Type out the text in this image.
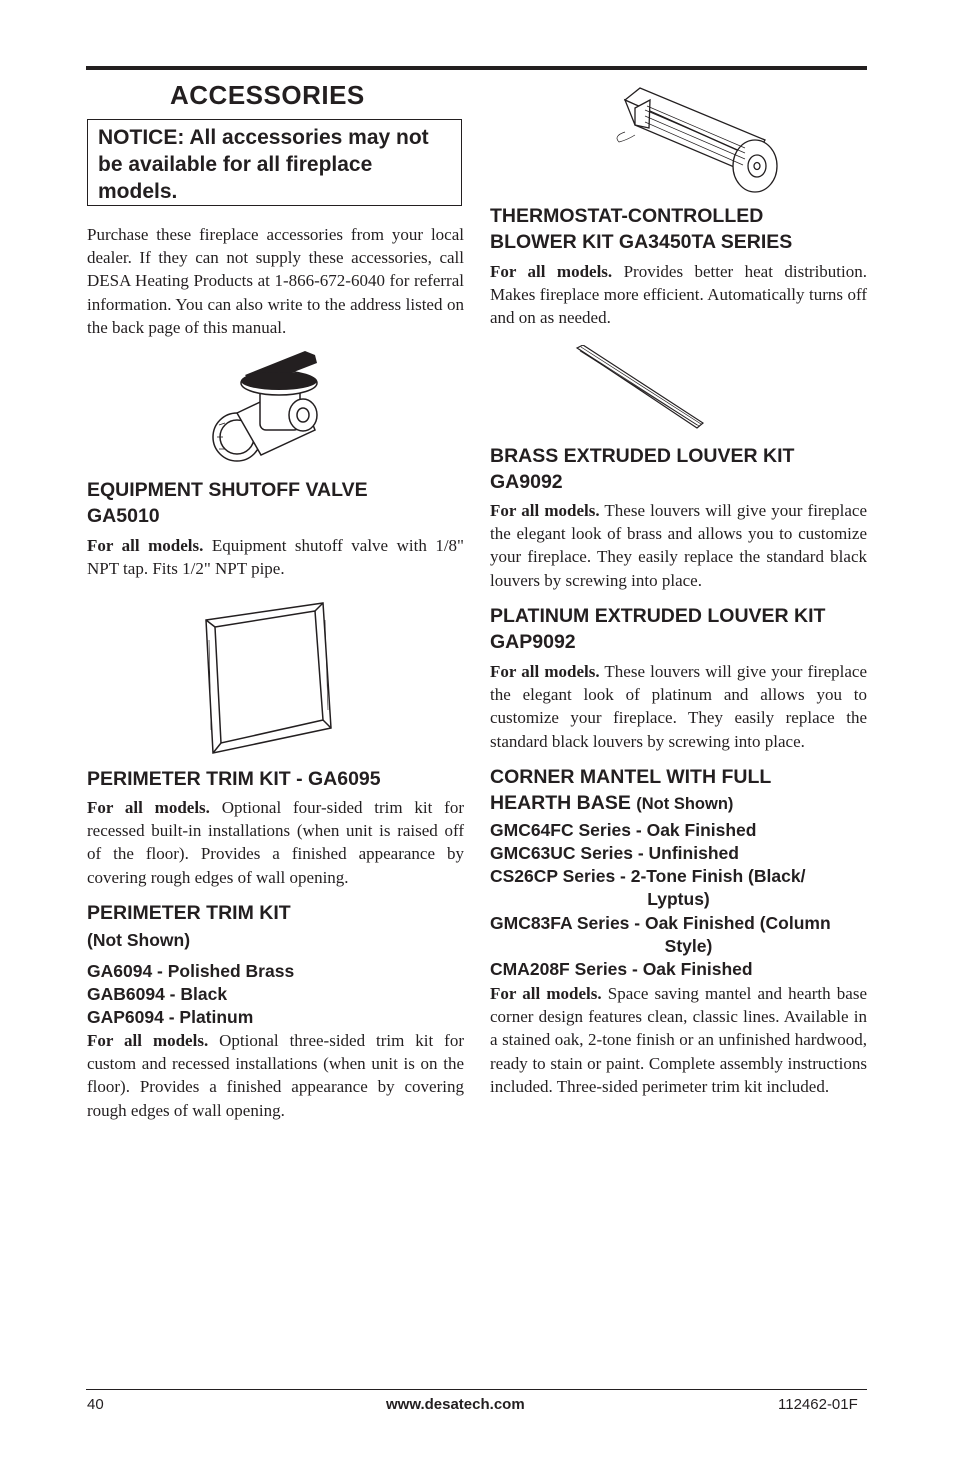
ACCESSORIES
NOTICE: All accessories may not be available for all fireplace models.
Purchase these fireplace accessories from your local dealer. If they can not supply these accessories, call DESA Heating Products at 1-866-672-6040 for referral information. You can also write to the address listed on the back page of this manual.
EQUIPMENT SHUTOFF VALVE
GA5010
For all models. Equipment shutoff valve with 1/8" NPT tap. Fits 1/2" NPT pipe.
PERIMETER TRIM KIT - GA6095
For all models. Optional four-sided trim kit for recessed built-in installations (when unit is raised off of the floor). Provides a finished appearance by covering rough edges of wall opening.
PERIMETER TRIM KIT
(Not Shown)
GA6094 - Polished Brass
GAB6094 - Black
GAP6094 - Platinum
For all models. Optional three-sided trim kit for custom and recessed installations (when unit is on the floor). Provides a finished appearance by covering rough edges of wall opening.
THERMOSTAT-CONTROLLED
BLOWER KIT GA3450TA SERIES
For all models. Provides better heat distribution. Makes fireplace more efficient. Automatically turns off and on as needed.
BRASS EXTRUDED LOUVER KIT
GA9092
For all models. These louvers will give your fireplace the elegant look of brass and allows you to customize your fireplace. They easily replace the standard black louvers by screwing into place.
PLATINUM EXTRUDED LOUVER KIT
GAP9092
For all models. These louvers will give your fireplace the elegant look of platinum and allows you to customize your fireplace. They easily replace the standard black louvers by screwing into place.
CORNER MANTEL WITH FULL
HEARTH BASE (Not Shown)
GMC64FC Series - Oak Finished
GMC63UC Series - Unfinished
CS26CP Series - 2-Tone Finish (Black/
Lyptus)
GMC83FA Series - Oak Finished (Column
Style)
CMA208F Series - Oak Finished
For all models. Space saving mantel and hearth base corner design features clean, classic lines. Available in a stained oak, 2-tone finish or an unfinished hardwood, ready to stain or paint. Complete assembly instructions included. Three-sided perimeter trim kit included.
40	www.desatech.com	112462-01F
